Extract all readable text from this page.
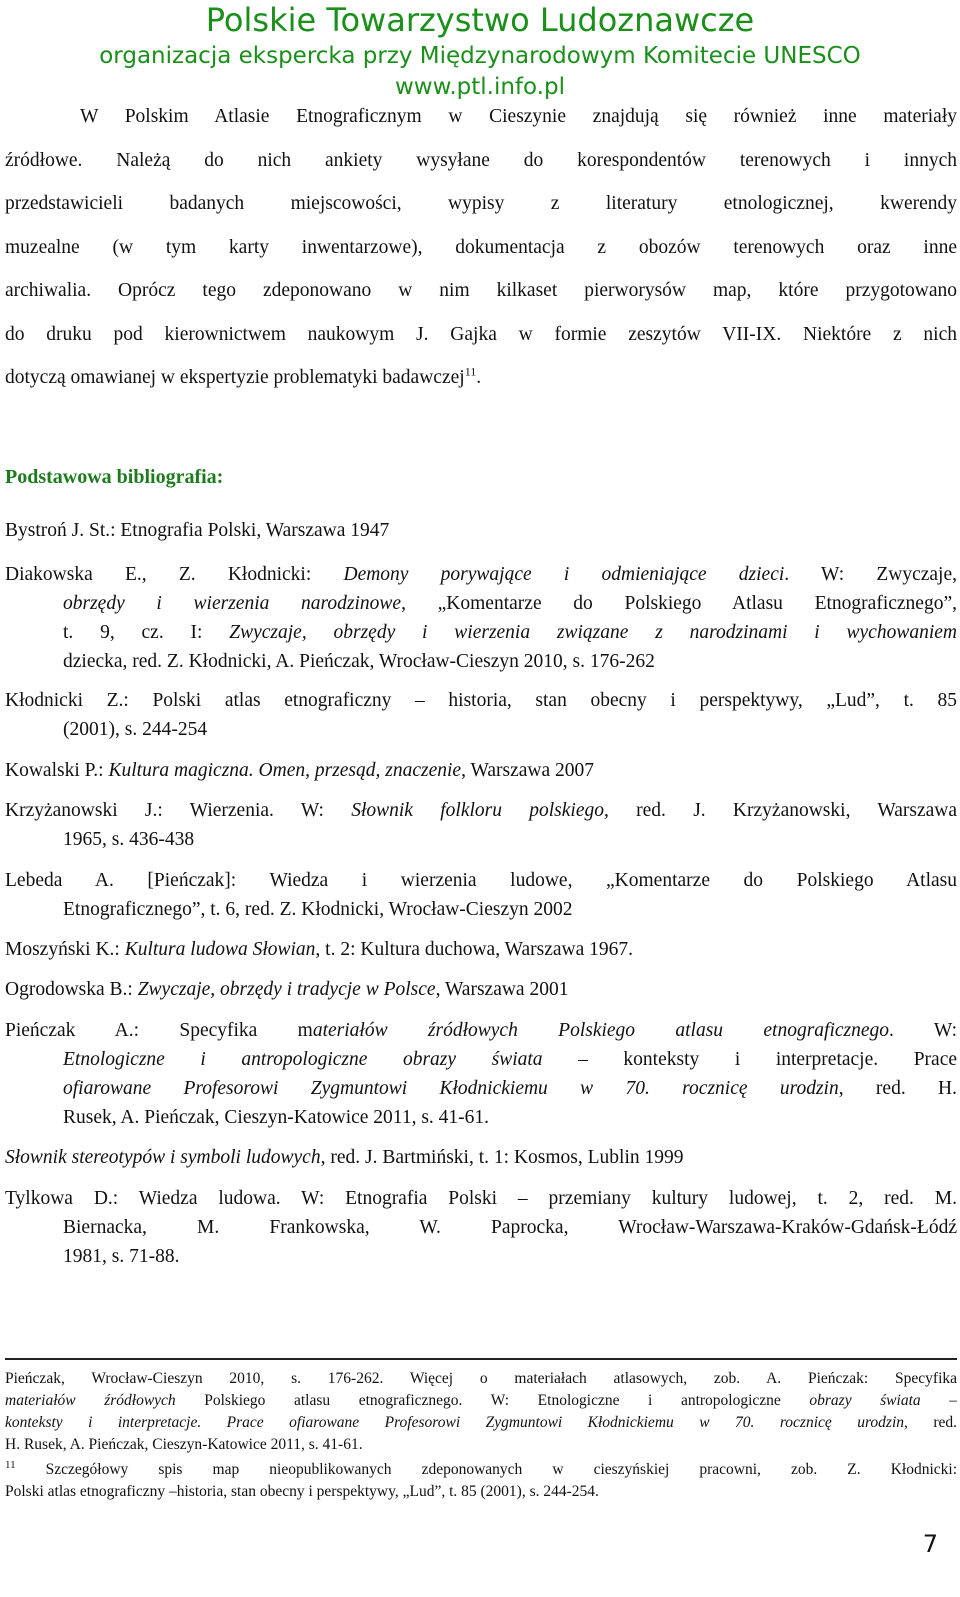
Polskie Towarzystwo Ludoznawcze
organizacja ekspercka przy Międzynarodowym Komitecie UNESCO
www.ptl.info.pl
W Polskim Atlasie Etnograficznym w Cieszynie znajdują się również inne materiały
źródłowe. Należą do nich ankiety wysyłane do korespondentów terenowych i innych
przedstawicieli badanych miejscowości, wypisy z literatury etnologicznej, kwerendy
muzealne (w tym karty inwentarzowe), dokumentacja z obozów terenowych oraz inne
archiwalia. Oprócz tego zdeponowano w nim kilkaset pierworysów map, które przygotowano
do druku pod kierownictwem naukowym J. Gajka w formie zeszytów VII-IX. Niektóre z nich
dotyczą omawianej w ekspertyzie problematyki badawczej$^{11}$.
Podstawowa bibliografia:
Bystroń J. St.: Etnografia Polski, Warszawa 1947
Diakowska E., Z. Kłodnicki: Demony porywające i odmieniające dzieci. W: Zwyczaje,
obrzędy i wierzenia narodzinowe, „Komentarze do Polskiego Atlasu Etnograficznego”,
t. 9, cz. I: Zwyczaje, obrzędy i wierzenia związane z narodzinami i wychowaniem
dziecka, red. Z. Kłodnicki, A. Pieńczak, Wrocław-Cieszyn 2010, s. 176-262
Kłodnicki Z.: Polski atlas etnograficzny – historia, stan obecny i perspektywy, „Lud”, t. 85
(2001), s. 244-254
Kowalski P.: Kultura magiczna. Omen, przesąd, znaczenie, Warszawa 2007
Krzyżanowski J.: Wierzenia. W: Słownik folkloru polskiego, red. J. Krzyżanowski, Warszawa
1965, s. 436-438
Lebeda A. [Pieńczak]: Wiedza i wierzenia ludowe, „Komentarze do Polskiego Atlasu
Etnograficznego”, t. 6, red. Z. Kłodnicki, Wrocław-Cieszyn 2002
Moszyński K.: Kultura ludowa Słowian, t. 2: Kultura duchowa, Warszawa 1967.
Ogrodowska B.: Zwyczaje, obrzędy i tradycje w Polsce, Warszawa 2001
Pieńczak A.: Specyfika materiałów źródłowych Polskiego atlasu etnograficznego. W:
Etnologiczne i antropologiczne obrazy świata – konteksty i interpretacje. Prace
ofiarowane Profesorowi Zygmuntowi Kłodnickiemu w 70. rocznicę urodzin, red. H.
Rusek, A. Pieńczak, Cieszyn-Katowice 2011, s. 41-61.
Słownik stereotypów i symboli ludowych, red. J. Bartmiński, t. 1: Kosmos, Lublin 1999
Tylkowa D.: Wiedza ludowa. W: Etnografia Polski – przemiany kultury ludowej, t. 2, red. M.
Biernacka, M. Frankowska, W. Paprocka, Wrocław-Warszawa-Kraków-Gdańsk-Łódź
1981, s. 71-88.
Pieńczak, Wrocław-Cieszyn 2010, s. 176-262. Więcej o materiałach atlasowych, zob. A. Pieńczak: Specyfika
materiałów źródłowych Polskiego atlasu etnograficznego. W: Etnologiczne i antropologiczne obrazy świata –
konteksty i interpretacje. Prace ofiarowane Profesorowi Zygmuntowi Kłodnickiemu w 70. rocznicę urodzin, red.
H. Rusek, A. Pieńczak, Cieszyn-Katowice 2011, s. 41-61.
$^{11}$ Szczegółowy spis map nieopublikowanych zdeponowanych w cieszyńskiej pracowni, zob. Z. Kłodnicki:
Polski atlas etnograficzny –historia, stan obecny i perspektywy, „Lud”, t. 85 (2001), s. 244-254.
7
